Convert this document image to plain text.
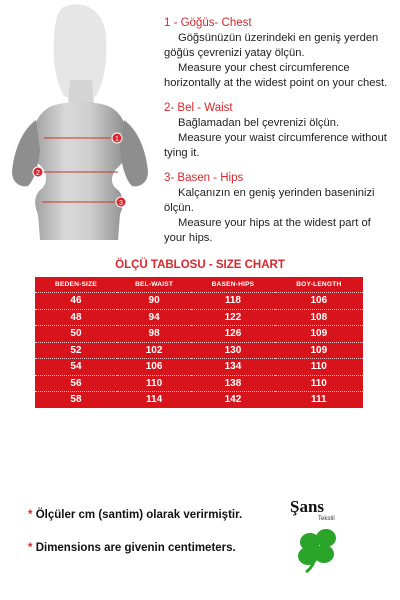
1
2
3
1 - Göğüs- Chest
Göğsünüzün üzerindeki en geniş yerden
göğüs çevrenizi yatay ölçün.
Measure your chest circumference
horizontally at the widest point on your chest.
2- Bel - Waist
Bağlamadan bel çevrenizi ölçün.
Measure your waist circumference without
tying it.
3- Basen - Hips
Kalçanızın en geniş yerinden baseninizi
ölçün.
Measure your hips at the widest part of
your hips.
ÖLÇÜ TABLOSU - SIZE CHART
BEDEN-SIZE	BEL-WAIST	BASEN-HIPS	BOY-LENGTH
46	90	118	106
48	94	122	108
50	98	126	109
52	102	130	109
54	106	134	110
56	110	138	110
58	114	142	111
* Ölçüler cm (santim) olarak verirmiştir.
* Dimensions are givenin centimeters.
Şans
Tekstil
